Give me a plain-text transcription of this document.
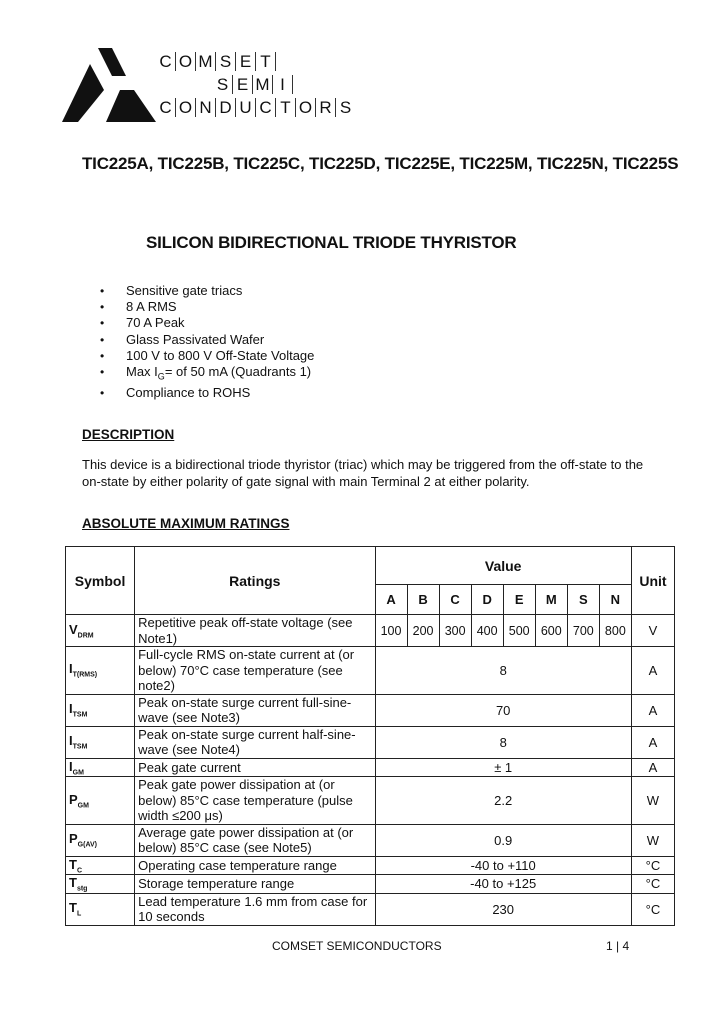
C O M S E T
S E M I
C O N D U C T O R S
TIC225A, TIC225B, TIC225C, TIC225D, TIC225E, TIC225M, TIC225N, TIC225S
SILICON BIDIRECTIONAL TRIODE THYRISTOR
• Sensitive gate triacs
• 8 A RMS
• 70 A Peak
• Glass Passivated Wafer
• 100 V to 800 V Off-State Voltage
• Max $I_G=$ of 50 mA (Quadrants 1)
• Compliance to ROHS
DESCRIPTION
This device is a bidirectional triode thyristor (triac) which may be triggered from the off-state to the on-state by either polarity of gate signal with main Terminal 2 at either polarity.
ABSOLUTE MAXIMUM RATINGS
Symbol	Ratings	Value								Unit
		A	B	C	D	E	M	S	N	
$V_{DRM}$	Repetitive peak off-state voltage (see Note1)	100	200	300	400	500	600	700	800	V
$I_{T(RMS)}$	Full-cycle RMS on-state current at (or below) 70°C case temperature (see note2)	8								A
$I_{TSM}$	Peak on-state surge current full-sine-wave (see Note3)	70								A
$I_{TSM}$	Peak on-state surge current half-sine-wave (see Note4)	8								A
$I_{GM}$	Peak gate current	± 1								A
$P_{GM}$	Peak gate power dissipation at (or below) 85°C case temperature (pulse width ≤200 μs)	2.2								W
$P_{G(AV)}$	Average gate power dissipation at (or below) 85°C case (see Note5)	0.9								W
$T_C$	Operating case temperature range	-40 to +110								°C
$T_{stg}$	Storage temperature range	-40 to +125								°C
$T_L$	Lead temperature 1.6 mm from case for 10 seconds	230								°C
COMSET SEMICONDUCTORS	1 | 4
